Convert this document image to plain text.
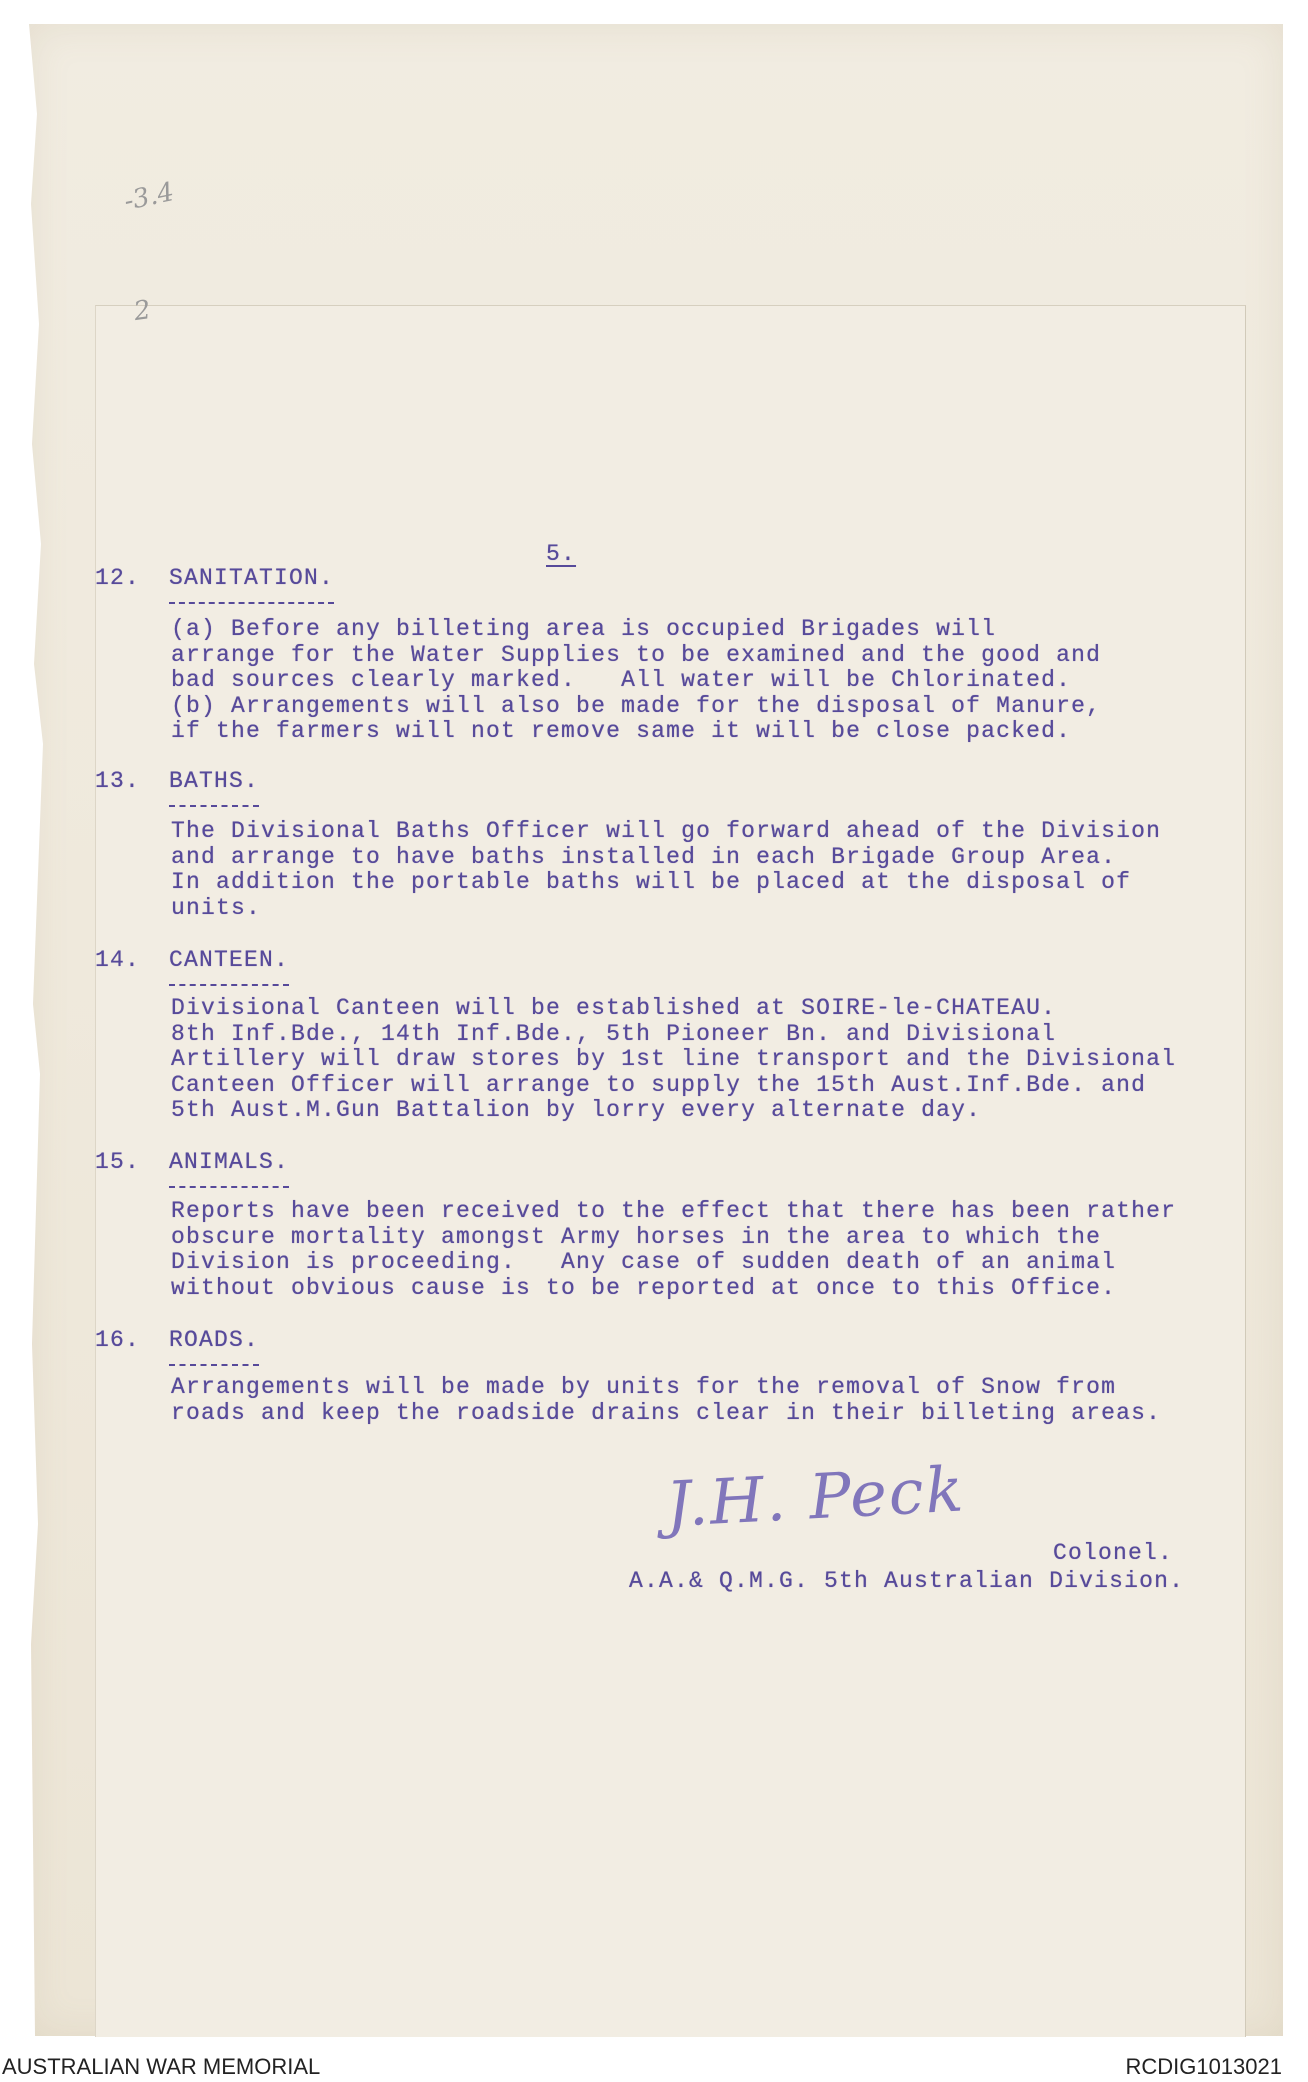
-3.4
2
5.
12. SANITATION.
(a) Before any billeting area is occupied Brigades will
arrange for the Water Supplies to be examined and the good and
bad sources clearly marked.   All water will be Chlorinated.
(b) Arrangements will also be made for the disposal of Manure,
if the farmers will not remove same it will be close packed.
13. BATHS.
The Divisional Baths Officer will go forward ahead of the Division
and arrange to have baths installed in each Brigade Group Area.
In addition the portable baths will be placed at the disposal of
units.
14. CANTEEN.
Divisional Canteen will be established at SOIRE-le-CHATEAU.
8th Inf.Bde., 14th Inf.Bde., 5th Pioneer Bn. and Divisional
Artillery will draw stores by 1st line transport and the Divisional
Canteen Officer will arrange to supply the 15th Aust.Inf.Bde. and
5th Aust.M.Gun Battalion by lorry every alternate day.
15. ANIMALS.
Reports have been received to the effect that there has been rather
obscure mortality amongst Army horses in the area to which the
Division is proceeding.   Any case of sudden death of an animal
without obvious cause is to be reported at once to this Office.
16. ROADS.
Arrangements will be made by units for the removal of Snow from
roads and keep the roadside drains clear in their billeting areas.
J.H. Peck
Colonel.
A.A.& Q.M.G. 5th Australian Division.
AUSTRALIAN WAR MEMORIAL	RCDIG1013021
